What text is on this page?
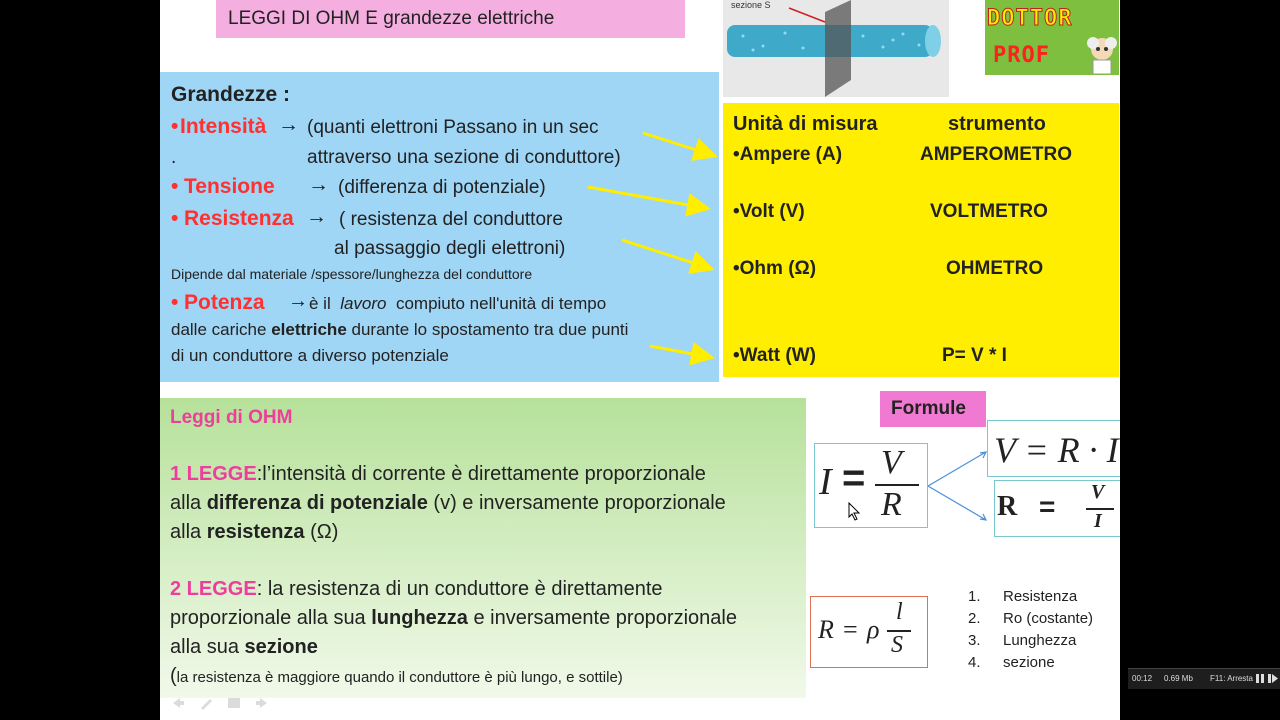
LEGGI DI OHM E grandezze elettriche
sezione S
DOTTOR
PROF
Grandezze :
• Intensità → (quanti elettroni Passano in un sec
.	attraverso una sezione di conduttore)
• Tensione → (differenza di potenziale)
• Resistenza → ( resistenza del conduttore
al passaggio degli elettroni)
Dipende dal materiale /spessore/lunghezza del conduttore
• Potenza → è il lavoro compiuto nell'unità di tempo
dalle cariche elettriche durante lo spostamento tra due punti
di un conduttore a diverso potenziale
Unità di misura	strumento
•Ampere (A)	AMPEROMETRO
•Volt (V)	VOLTMETRO
•Ohm (Ω)	OHMETRO
•Watt (W)	P= V * I
Leggi di OHM
1 LEGGE:l’intensità di corrente è direttamente proporzionale
alla differenza di potenziale (v) e inversamente proporzionale
alla resistenza (Ω)
2 LEGGE: la resistenza di un conduttore è direttamente
proporzionale alla sua lunghezza e inversamente proporzionale
alla sua sezione
(la resistenza è maggiore quando il conduttore è più lungo, e sottile)
Formule
I = V
R
V = R · I
R = V
I
R = ρ
l
S
1. Resistenza
2. Ro (costante)
3. Lunghezza
4. sezione
00:12 0.69 Mb F11: Arresta
